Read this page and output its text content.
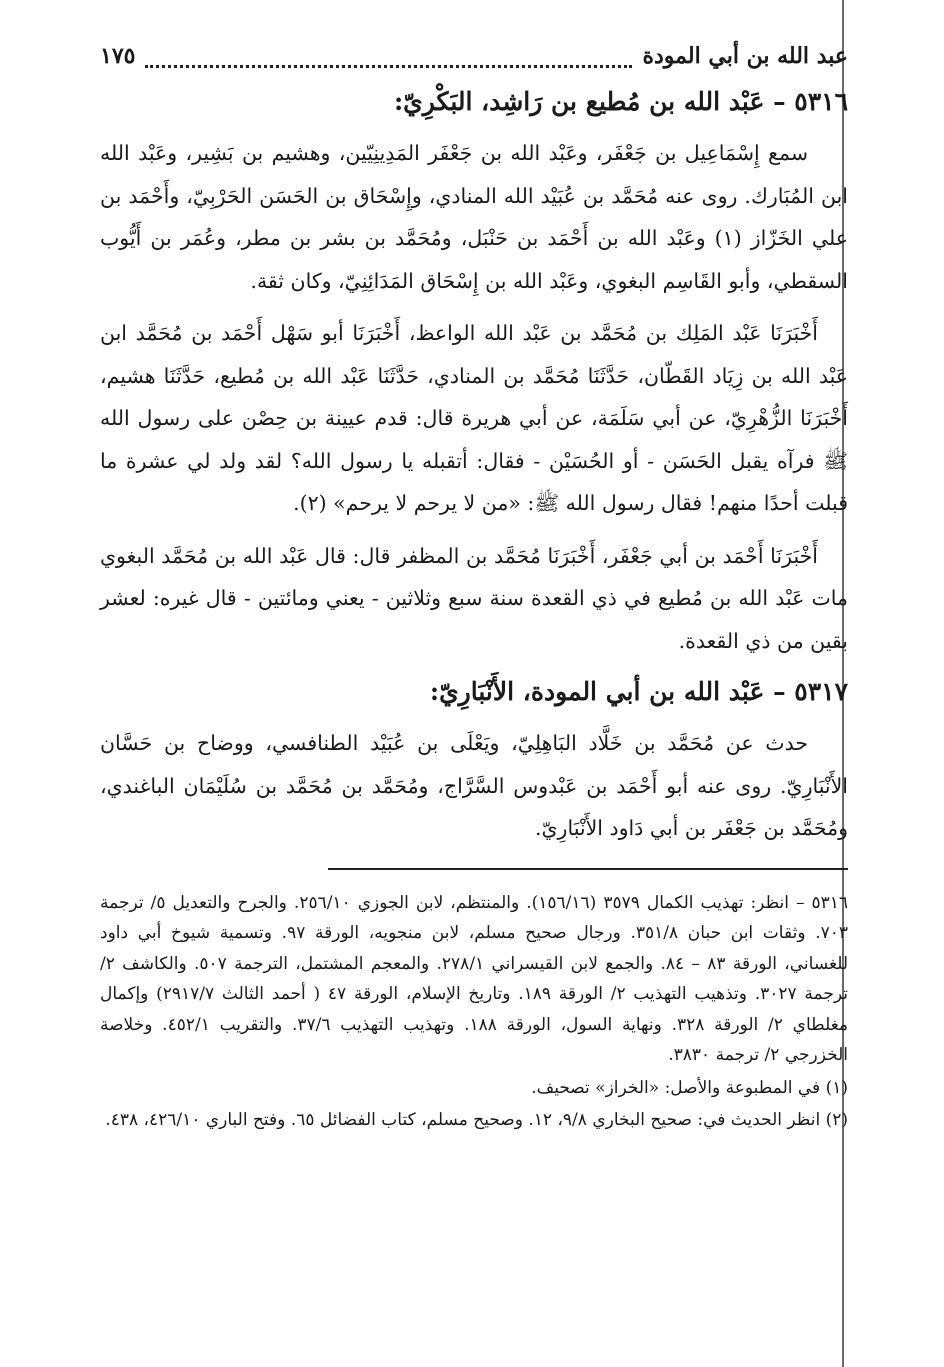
عبد الله بن أبي المودة
١٧٥
٥٣١٦ – عَبْد الله بن مُطيع بن رَاشِد، البَكْرِيّ:

سمع إِسْمَاعِيل بن جَعْفَر، وعَبْد الله بن جَعْفَر المَدِينِيّين، وهشيم بن بَشِير، وعَبْد الله ابن المُبَارك. روى عنه مُحَمَّد بن عُبَيْد الله المنادي، وإِسْحَاق بن الحَسَن الحَرْبِيّ، وأَحْمَد بن علي الخَزّاز (١) وعَبْد الله بن أَحْمَد بن حَنْبَل، ومُحَمَّد بن بشر بن مطر، وعُمَر بن أَيُّوب السقطي، وأبو القَاسِم البغوي، وعَبْد الله بن إِسْحَاق المَدَائِنِيّ، وكان ثقة.

أَخْبَرَنَا عَبْد المَلِك بن مُحَمَّد بن عَبْد الله الواعظ، أَخْبَرَنَا أبو سَهْل أَحْمَد بن مُحَمَّد ابن عَبْد الله بن زِيَاد القَطّان، حَدَّثَنَا مُحَمَّد بن المنادي، حَدَّثَنَا عَبْد الله بن مُطيع، حَدَّثَنَا هشيم، أَخْبَرَنَا الزُّهْرِيّ، عن أبي سَلَمَة، عن أبي هريرة قال: قدم عيينة بن حِصْن على رسول الله ﷺ فرآه يقبل الحَسَن - أو الحُسَيْن - فقال: أتقبله يا رسول الله؟ لقد ولد لي عشرة ما قبلت أحدًا منهم! فقال رسول الله ﷺ: «من لا يرحم لا يرحم» (٢).

أَخْبَرَنَا أَحْمَد بن أبي جَعْفَر، أَخْبَرَنَا مُحَمَّد بن المظفر قال: قال عَبْد الله بن مُحَمَّد البغوي مات عَبْد الله بن مُطيع في ذي القعدة سنة سبع وثلاثين - يعني ومائتين - قال غيره: لعشر بقين من ذي القعدة.

٥٣١٧ – عَبْد الله بن أبي المودة، الأَنْبَارِيّ:

حدث عن مُحَمَّد بن خَلَّاد البَاهِلِيّ، ويَعْلَى بن عُبَيْد الطنافسي، ووضاح بن حَسَّان الأَنْبَارِيّ. روى عنه أبو أَحْمَد بن عَبْدوس السَّرَّاج، ومُحَمَّد بن مُحَمَّد بن سُلَيْمَان الباغندي، ومُحَمَّد بن جَعْفَر بن أبي دَاود الأَنْبَارِيّ.

٥٣١٦ – انظر: تهذيب الكمال ٣٥٧٩ (١٥٦/١٦). والمنتظم، لابن الجوزي ٢٥٦/١٠. والجرح والتعديل ٥/ ترجمة ٧٠٣. وثقات ابن حبان ٣٥١/٨. ورجال صحيح مسلم، لابن منجويه، الورقة ٩٧. وتسمية شيوخ أبي داود للغساني، الورقة ٨٣ – ٨٤. والجمع لابن القيسراني ٢٧٨/١. والمعجم المشتمل، الترجمة ٥٠٧. والكاشف ٢/ ترجمة ٣٠٢٧. وتذهيب التهذيب ٢/ الورقة ١٨٩. وتاريخ الإسلام، الورقة ٤٧ ( أحمد الثالث ٢٩١٧/٧) وإكمال مغلطاي ٢/ الورقة ٣٢٨. ونهاية السول، الورقة ١٨٨. وتهذيب التهذيب ٣٧/٦. والتقريب ٤٥٢/١. وخلاصة الخزرجي ٢/ ترجمة ٣٨٣٠.

(١) في المطبوعة والأصل: «الخراز» تصحيف.

(٢) انظر الحديث في: صحيح البخاري ٩/٨، ١٢. وصحيح مسلم، كتاب الفضائل ٦٥. وفتح الباري ٤٢٦/١٠، ٤٣٨.
